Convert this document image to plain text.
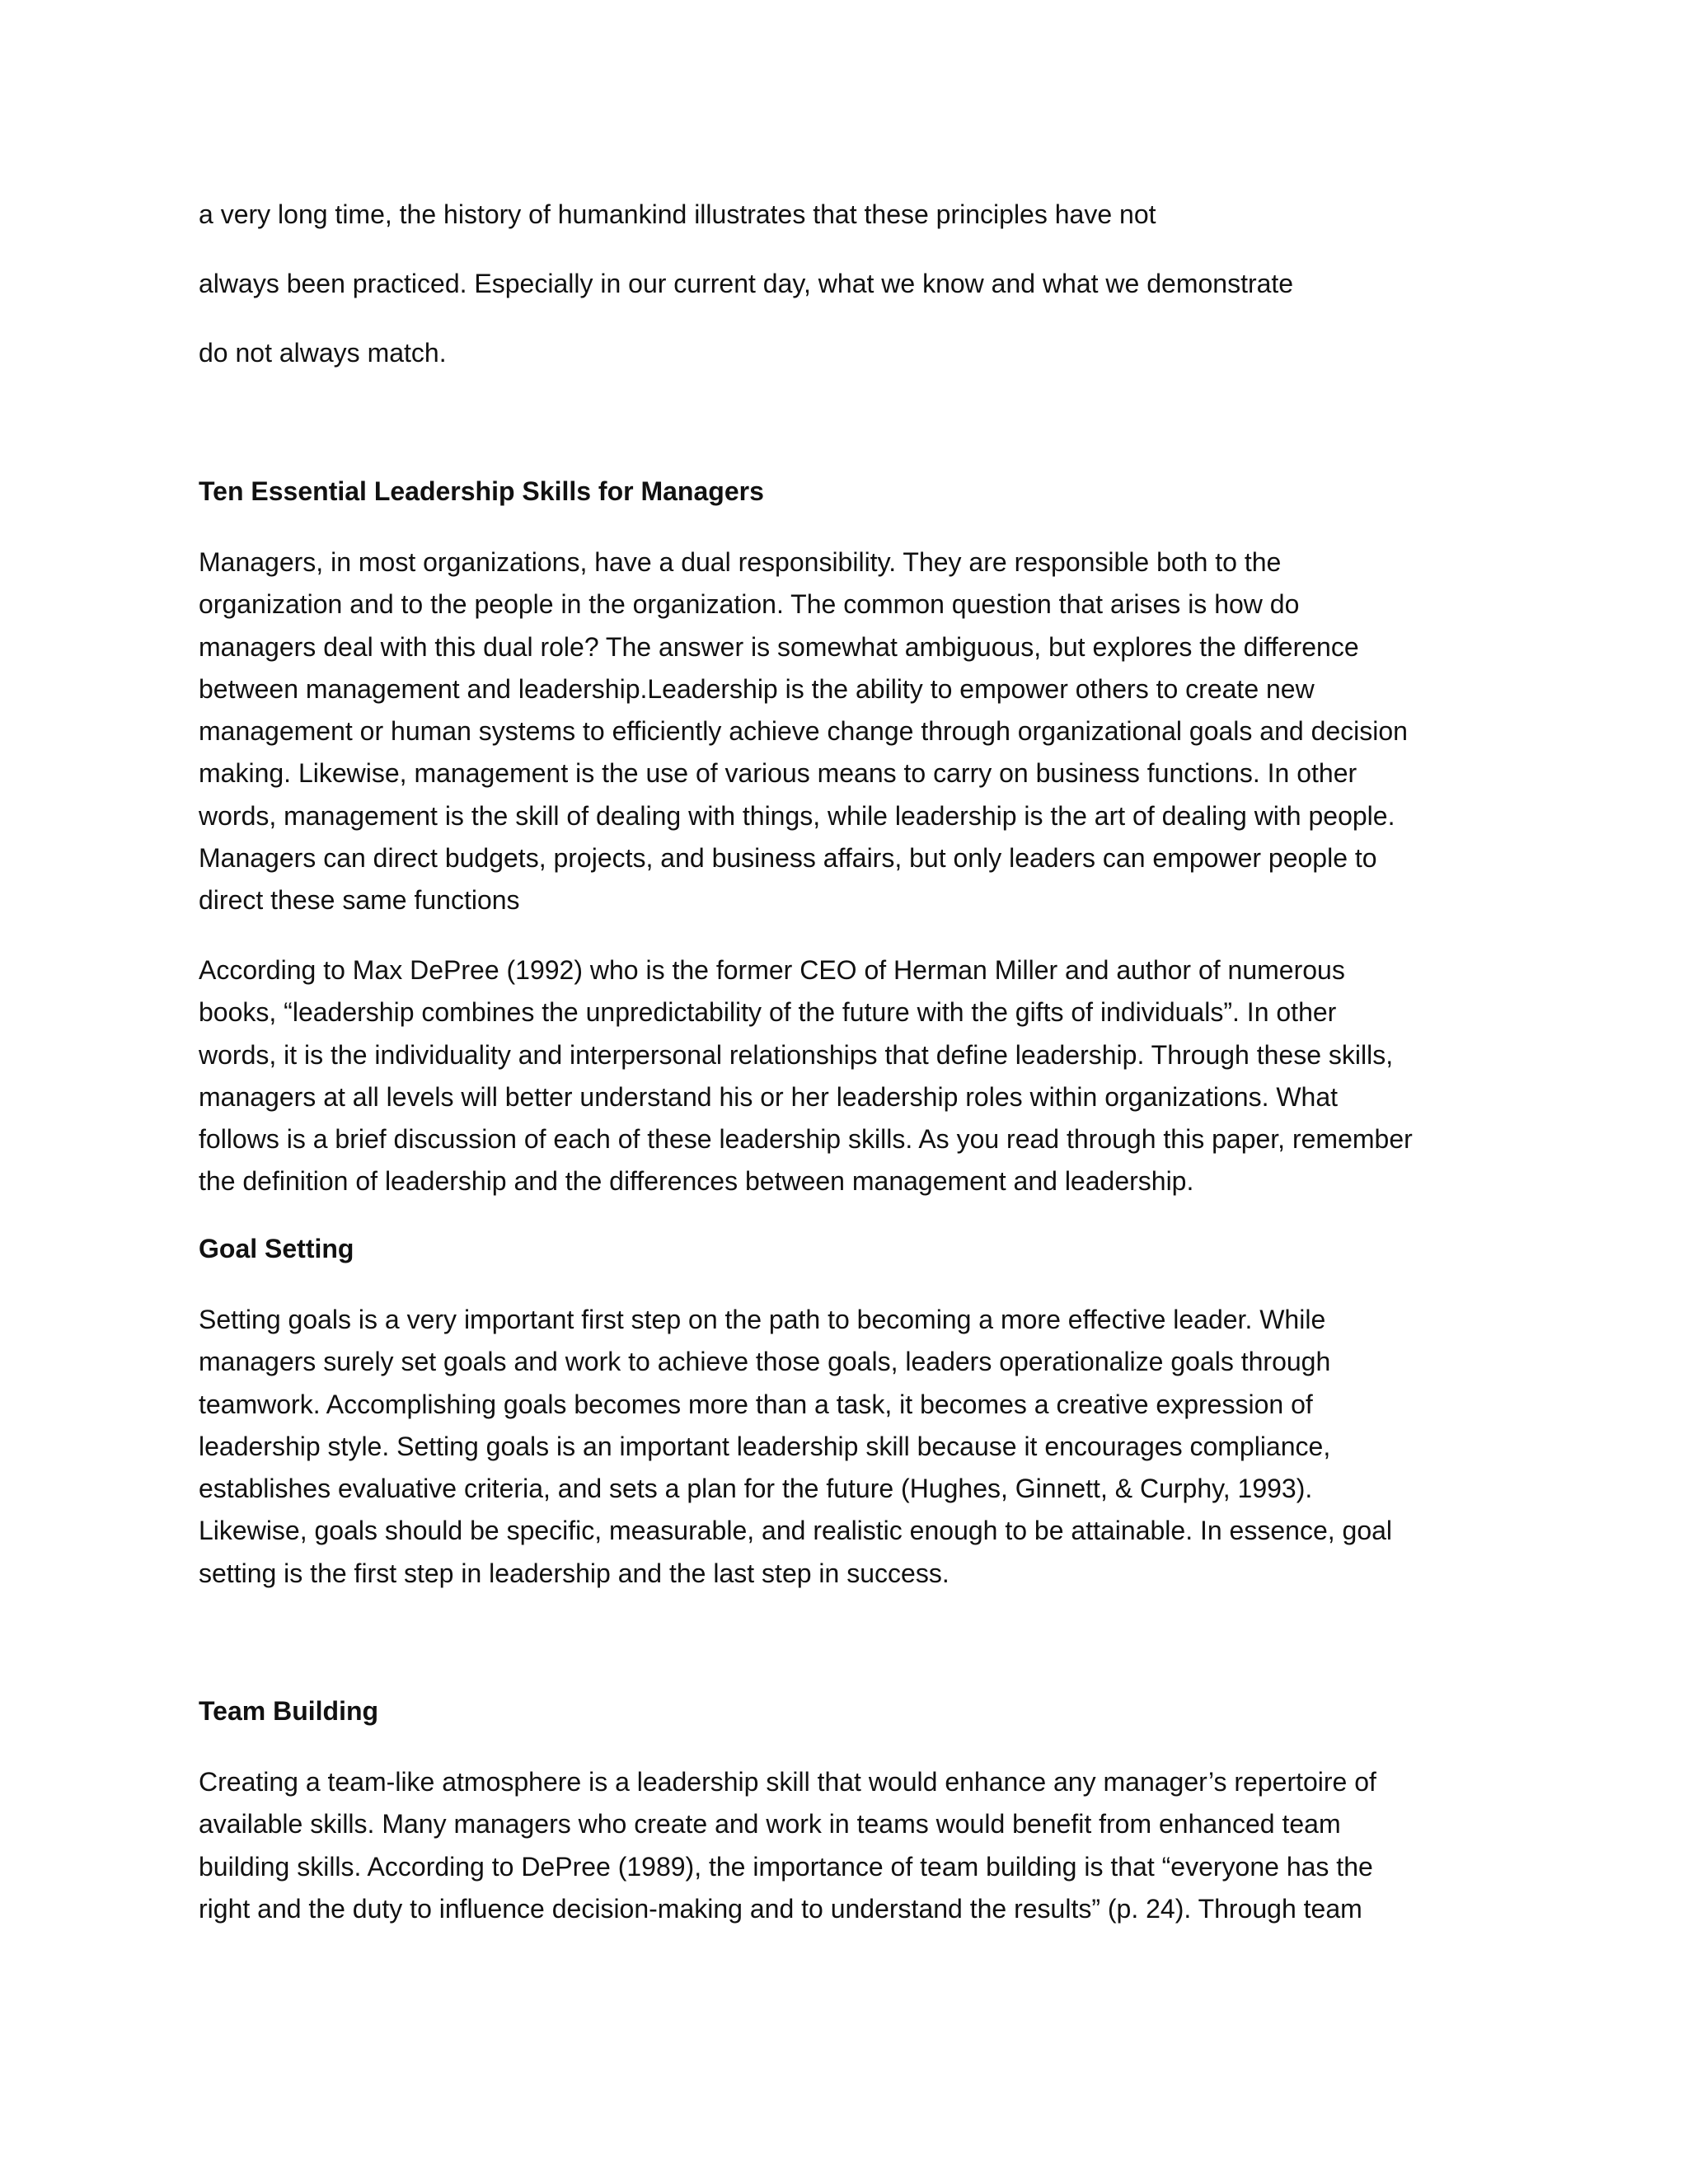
a very long time, the history of humankind illustrates that these principles have not

always been practiced. Especially in our current day, what we know and what we demonstrate

do not always match.

Ten Essential Leadership Skills for Managers
Managers, in most organizations, have a dual responsibility. They are responsible both to the
organization and to the people in the organization. The common question that arises is how do
managers deal with this dual role? The answer is somewhat ambiguous, but explores the difference
between management and leadership.Leadership is the ability to empower others to create new
management or human systems to efficiently achieve change through organizational goals and decision
making. Likewise, management is the use of various means to carry on business functions. In other
words, management is the skill of dealing with things, while leadership is the art of dealing with people.
Managers can direct budgets, projects, and business affairs, but only leaders can empower people to
direct these same functions
According to Max DePree (1992) who is the former CEO of Herman Miller and author of numerous
books, “leadership combines the unpredictability of the future with the gifts of individuals”. In other
words, it is the individuality and interpersonal relationships that define leadership. Through these skills,
managers at all levels will better understand his or her leadership roles within organizations. What
follows is a brief discussion of each of these leadership skills. As you read through this paper, remember
the definition of leadership and the differences between management and leadership.
Goal Setting
Setting goals is a very important first step on the path to becoming a more effective leader. While
managers surely set goals and work to achieve those goals, leaders operationalize goals through
teamwork. Accomplishing goals becomes more than a task, it becomes a creative expression of
leadership style. Setting goals is an important leadership skill because it encourages compliance,
establishes evaluative criteria, and sets a plan for the future (Hughes, Ginnett, & Curphy, 1993).
Likewise, goals should be specific, measurable, and realistic enough to be attainable. In essence, goal
setting is the first step in leadership and the last step in success.
Team Building
Creating a team-like atmosphere is a leadership skill that would enhance any manager’s repertoire of
available skills. Many managers who create and work in teams would benefit from enhanced team
building skills. According to DePree (1989), the importance of team building is that “everyone has the
right and the duty to influence decision-making and to understand the results” (p. 24). Through team
